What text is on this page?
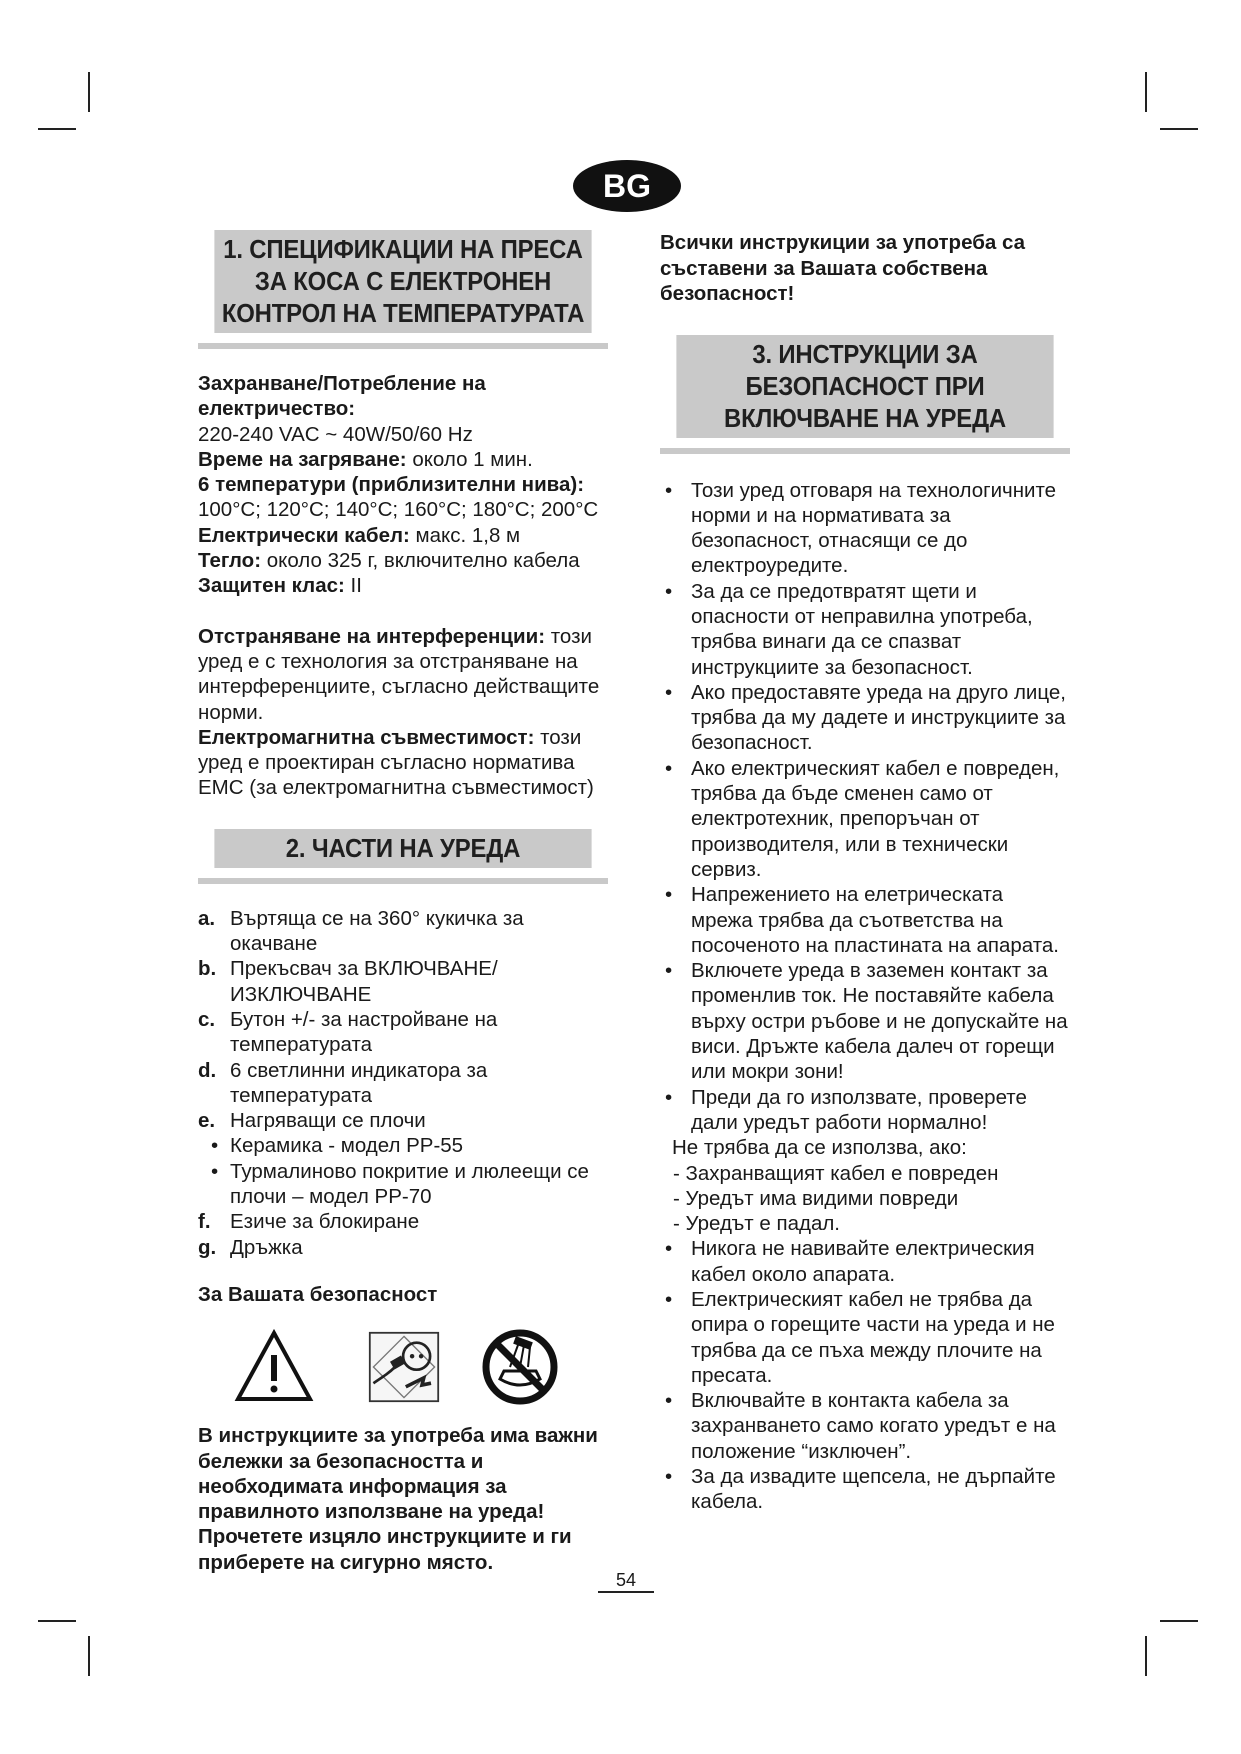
BG
1. СПЕЦИФИКАЦИИ НА ПРЕСА ЗА КОСА С ЕЛЕКТРОНЕН КОНТРОЛ НА ТЕМПЕРАТУРАТА

Захранване/Потребление на електричество:
220-240 VAC ~ 40W/50/60 Hz

Време на загряване: около 1 мин.

6 температури (приблизителни нива):
100°C; 120°C; 140°C; 160°C; 180°C; 200°C

Електрически кабел: макс. 1,8 м

Тегло: около 325 г, включително кабела

Защитен клас: II

Отстраняване на интерференции: този уред е с технология за отстраняване на интерференциите, съгласно действащите норми.

Електромагнитна съвместимост: този уред е проектиран съгласно норматива ЕМС (за електромагнитна съвместимост)

2. ЧАСТИ НА УРЕДА
a. Въртяща се на 360° кукичка за окачване
b. Прекъсвач за ВКЛЮЧВАНЕ/ ИЗКЛЮЧВАНЕ
c. Бутон +/- за настройване на температурата
d. 6 светлинни индикатора за температурата
e. Нагряващи се плочи
• Керамика - модел PP-55
• Турмалиново покритие и люлеещи се плочи – модел PP-70
f. Езиче за блокиране
g. Дръжка

За Вашата безопасност

В инструкциите за употреба има важни бележки за безопасността и необходимата информация за правилното използване на уреда! Прочетете изцяло инструкциите и ги приберете на сигурно място.

Всички инструкиции за употреба са съставени за Вашата собствена безопасност!

3. ИНСТРУКЦИИ ЗА БЕЗОПАСНОСТ ПРИ ВКЛЮЧВАНЕ НА УРЕДА
• Този уред отговаря на технологичните норми и на нормативата за безопасност, отнасящи се до електроуредите.
• За да се предотвратят щети и опасности от неправилна употреба, трябва винаги да се спазват инструкциите за безопасност.
• Ако предоставяте уреда на друго лице, трябва да му дадете и инструкциите за безопасност.
• Ако електрическият кабел е повреден, трябва да бъде сменен само от електротехник, препоръчан от производителя, или в технически сервиз.
• Напрежението на елетрическата мрежа трябва да съответства на посоченото на пластината на апарата.
• Включете уреда в заземен контакт за променлив ток. Не поставяйте кабела върху остри ръбове и не допускайте на виси. Дръжте кабела далеч от горещи или мокри зони!
• Преди да го използвате, проверете дали уредът работи нормално!
Не трябва да се използва, ако:
- Захранващият кабел е повреден
- Уредът има видими повреди
- Уредът е падал.
• Никога не навивайте електрическия кабел около апарата.
• Електрическият кабел не трябва да опира о горещите части на уреда и не трябва да се пъха между плочите на пресата.
• Включвайте в контакта кабела за захранването само когато уредът е на положение “изключен”.
• За да извадите щепсела, не дърпайте кабела.
54
